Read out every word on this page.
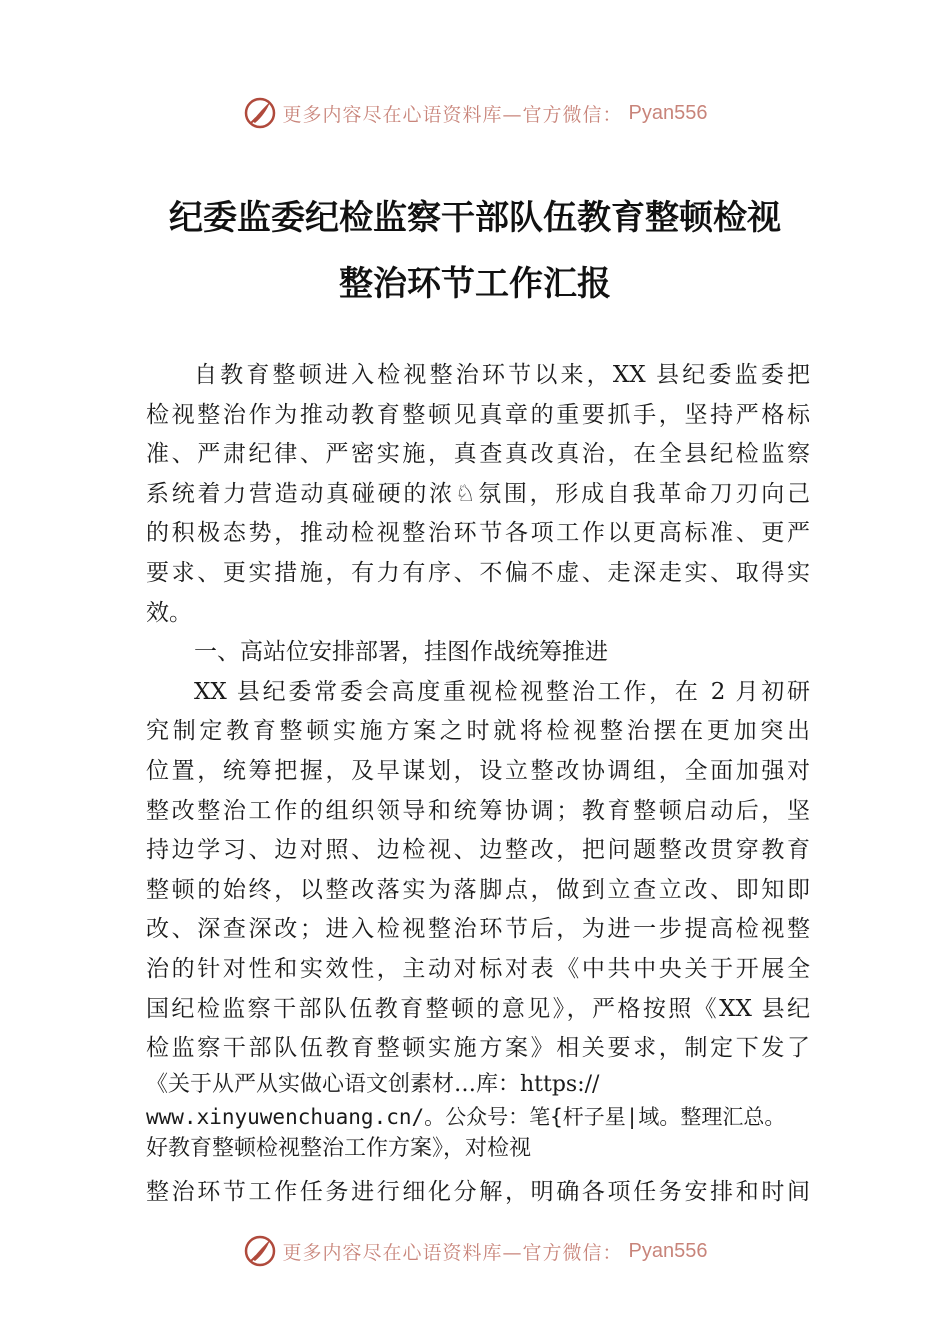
更多内容尽在心语资料库—官方微信： Pyan556
纪委监委纪检监察干部队伍教育整顿检视
整治环节工作汇报
自教育整顿进入检视整治环节以来，XX 县纪委监委把
检视整治作为推动教育整顿见真章的重要抓手，坚持严格标
准、严肃纪律、严密实施，真查真改真治，在全县纪检监察
系统着力营造动真碰硬的浓♘氛围，形成自我革命刀刃向己
的积极态势，推动检视整治环节各项工作以更高标准、更严
要求、更实措施，有力有序、不偏不虚、走深走实、取得实
效。
一、高站位安排部署，挂图作战统筹推进
XX 县纪委常委会高度重视检视整治工作，在 2 月初研
究制定教育整顿实施方案之时就将检视整治摆在更加突出
位置，统筹把握，及早谋划，设立整改协调组，全面加强对
整改整治工作的组织领导和统筹协调；教育整顿启动后，坚
持边学习、边对照、边检视、边整改，把问题整改贯穿教育
整顿的始终，以整改落实为落脚点，做到立查立改、即知即
改、深查深改；进入检视整治环节后，为进一步提高检视整
治的针对性和实效性，主动对标对表《中共中央关于开展全
国纪检监察干部队伍教育整顿的意见》，严格按照《XX 县纪
检监察干部队伍教育整顿实施方案》相关要求，制定下发了
《关于从严从实做心语文创素材…库：https://
www.xinyuwenchuang.cn/。公众号：笔{杆子星|域。整理汇总。
好教育整顿检视整治工作方案》，对检视
整治环节工作任务进行细化分解，明确各项任务安排和时间
更多内容尽在心语资料库—官方微信： Pyan556
